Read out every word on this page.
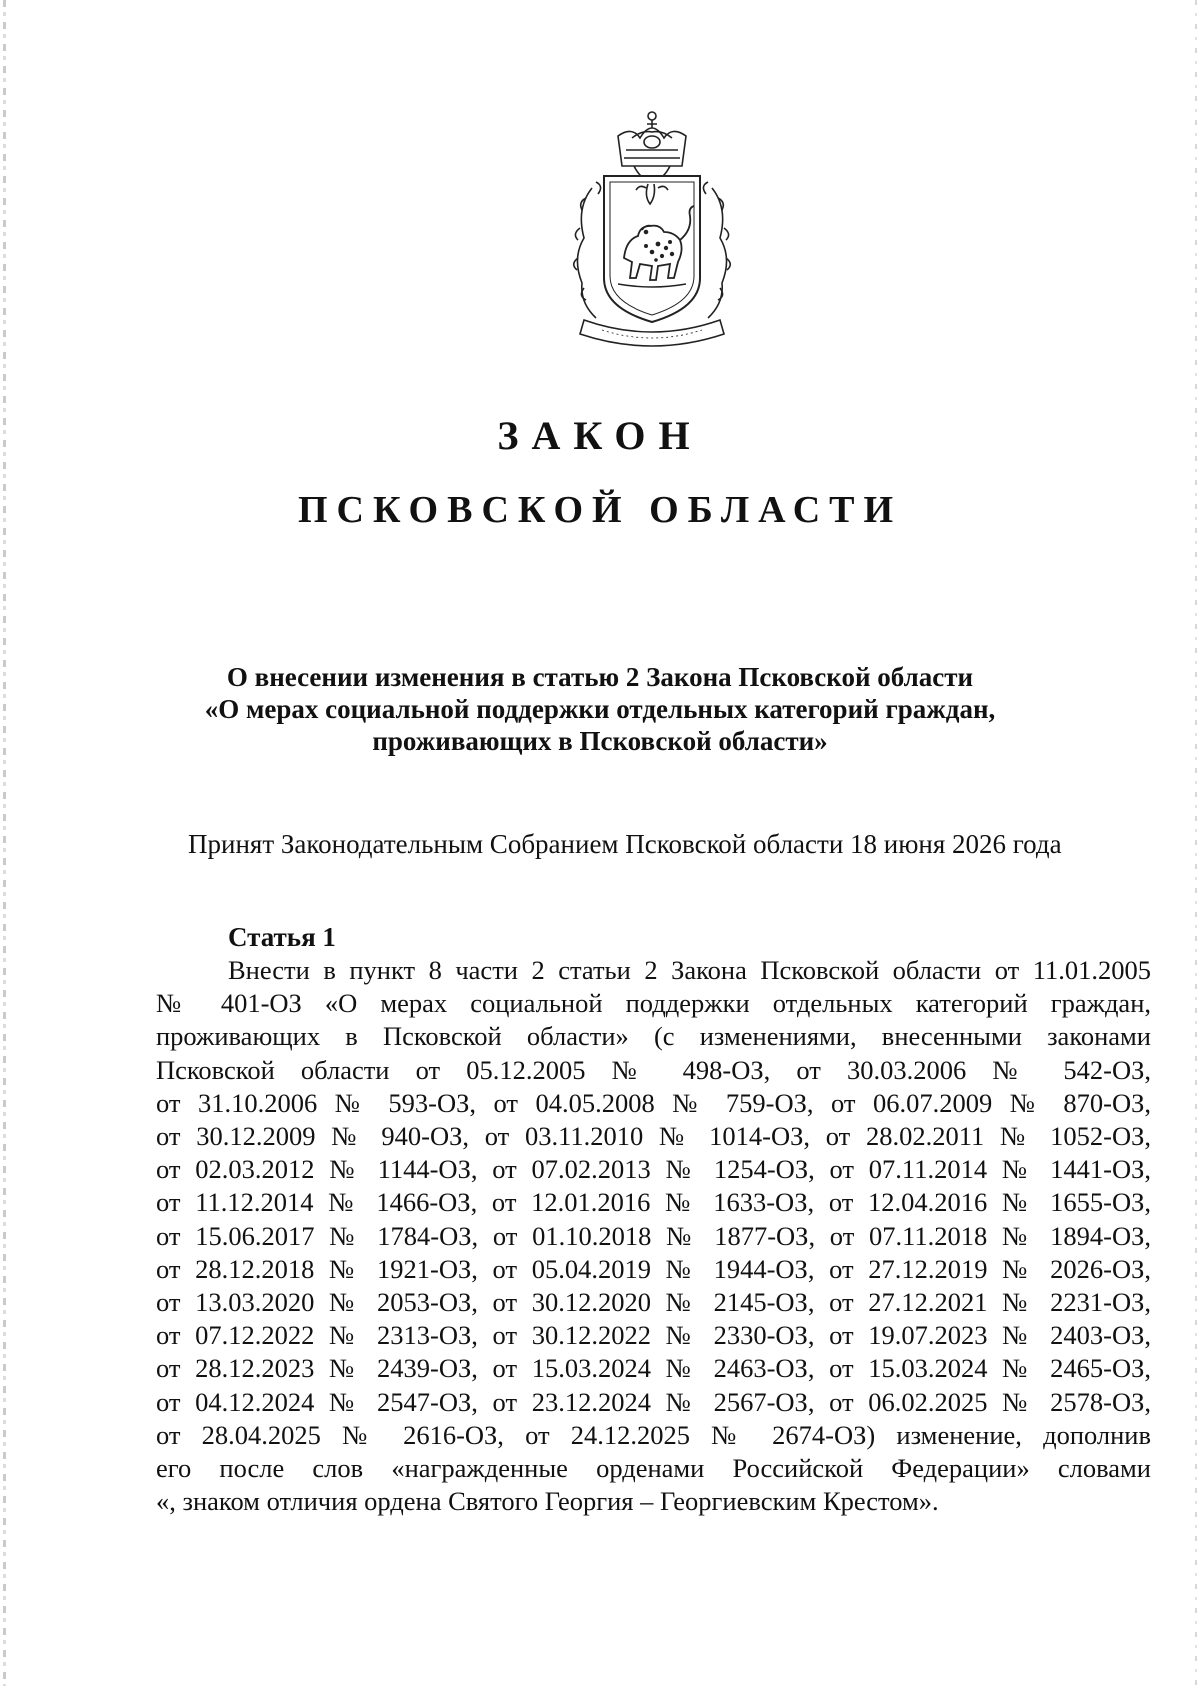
ЗАКОН
ПСКОВСКОЙ ОБЛАСТИ
О внесении изменения в статью 2 Закона Псковской области
«О мерах социальной поддержки отдельных категорий граждан,
проживающих в Псковской области»
Принят Законодательным Собранием Псковской области 18 июня 2026 года
Статья 1
Внести в пункт 8 части 2 статьи 2 Закона Псковской области от 11.01.2005
№ 401-ОЗ «О мерах социальной поддержки отдельных категорий граждан,
проживающих в Псковской области» (с изменениями, внесенными законами
Псковской области от 05.12.2005 № 498-ОЗ, от 30.03.2006 № 542-ОЗ,
от 31.10.2006 № 593-ОЗ, от 04.05.2008 № 759-ОЗ, от 06.07.2009 № 870-ОЗ,
от 30.12.2009 № 940-ОЗ, от 03.11.2010 № 1014-ОЗ, от 28.02.2011 № 1052-ОЗ,
от 02.03.2012 № 1144-ОЗ, от 07.02.2013 № 1254-ОЗ, от 07.11.2014 № 1441-ОЗ,
от 11.12.2014 № 1466-ОЗ, от 12.01.2016 № 1633-ОЗ, от 12.04.2016 № 1655-ОЗ,
от 15.06.2017 № 1784-ОЗ, от 01.10.2018 № 1877-ОЗ, от 07.11.2018 № 1894-ОЗ,
от 28.12.2018 № 1921-ОЗ, от 05.04.2019 № 1944-ОЗ, от 27.12.2019 № 2026-ОЗ,
от 13.03.2020 № 2053-ОЗ, от 30.12.2020 № 2145-ОЗ, от 27.12.2021 № 2231-ОЗ,
от 07.12.2022 № 2313-ОЗ, от 30.12.2022 № 2330-ОЗ, от 19.07.2023 № 2403-ОЗ,
от 28.12.2023 № 2439-ОЗ, от 15.03.2024 № 2463-ОЗ, от 15.03.2024 № 2465-ОЗ,
от 04.12.2024 № 2547-ОЗ, от 23.12.2024 № 2567-ОЗ, от 06.02.2025 № 2578-ОЗ,
от 28.04.2025 № 2616-ОЗ, от 24.12.2025 № 2674-ОЗ) изменение, дополнив
его после слов «награжденные орденами Российской Федерации» словами
«, знаком отличия ордена Святого Георгия – Георгиевским Крестом».
